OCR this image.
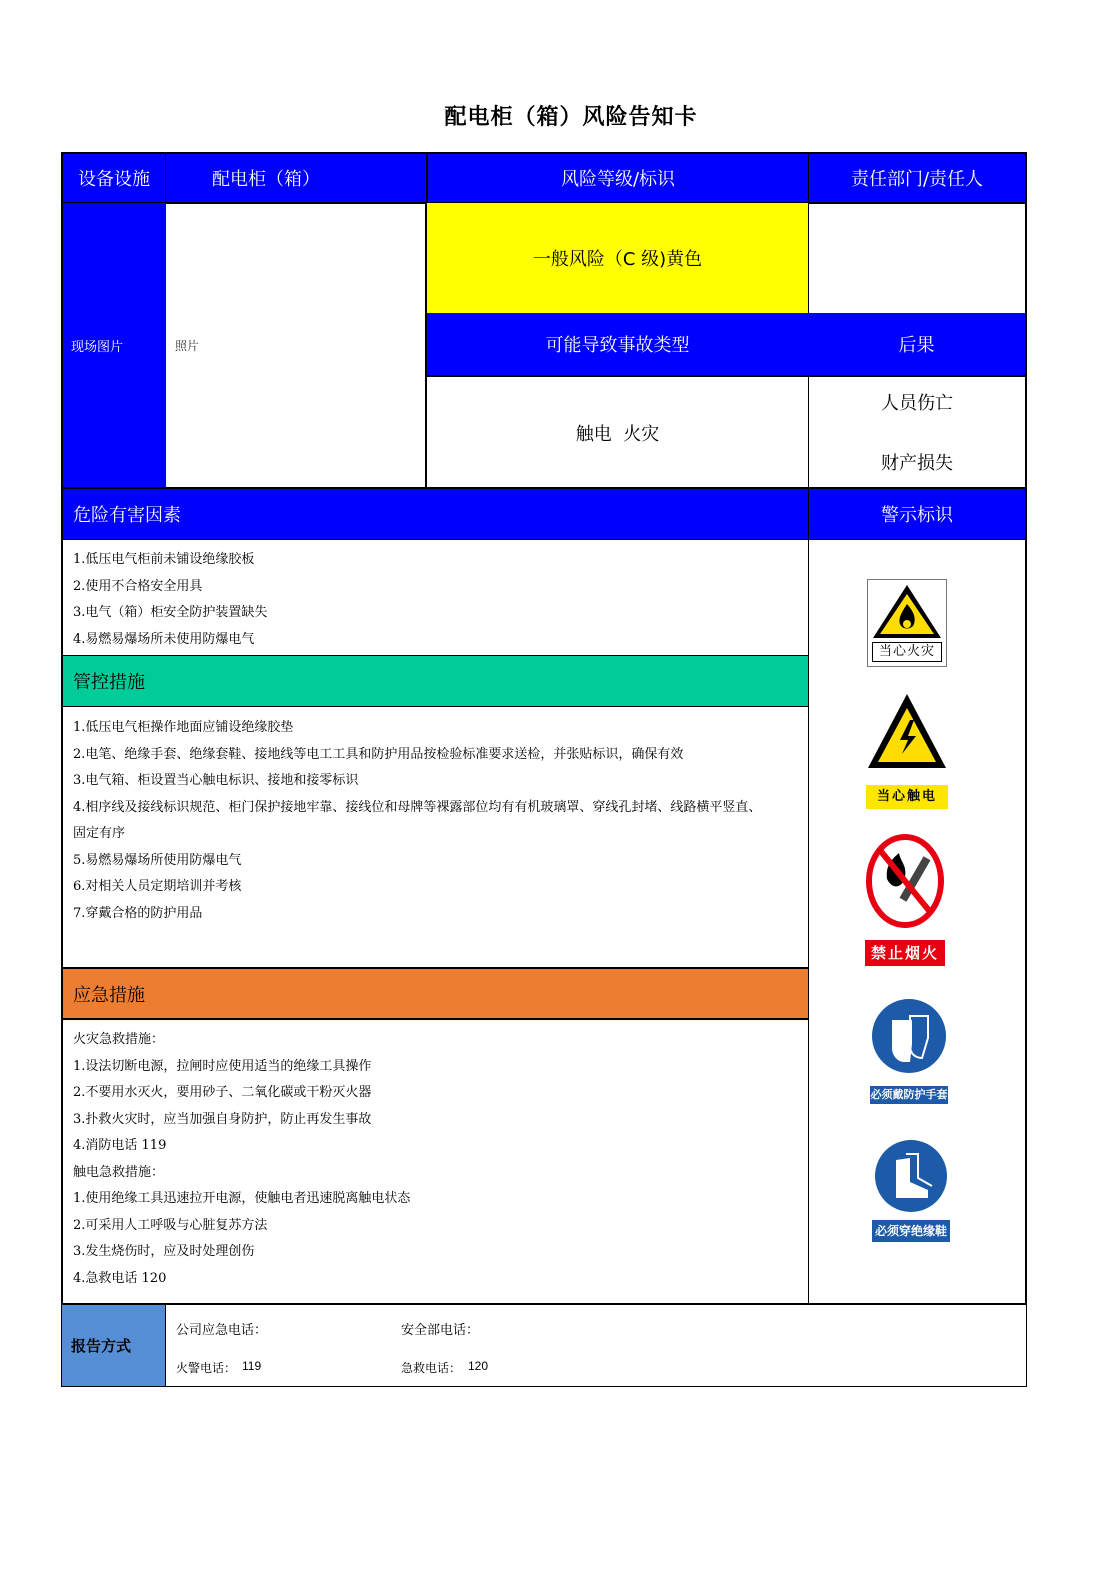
配电柜（箱）风险告知卡
设备设施	配电柜（箱）	风险等级/标识	责任部门/责任人
现场图片	照片
一般风险（C 级)黄色
可能导致事故类型	后果
触电  火灾
人员伤亡
财产损失
危险有害因素	警示标识
1.低压电气柜前未铺设绝缘胶板
2.使用不合格安全用具
3.电气（箱）柜安全防护装置缺失
4.易燃易爆场所未使用防爆电气
管控措施
1.低压电气柜操作地面应铺设绝缘胶垫
2.电笔、绝缘手套、绝缘套鞋、接地线等电工工具和防护用品按检验标准要求送检，并张贴标识，确保有效
3.电气箱、柜设置当心触电标识、接地和接零标识
4.相序线及接线标识规范、柜门保护接地牢靠、接线位和母牌等裸露部位均有有机玻璃罩、穿线孔封堵、线路横平竖直、
固定有序
5.易燃易爆场所使用防爆电气
6.对相关人员定期培训并考核
7.穿戴合格的防护用品
应急措施
火灾急救措施：
1.设法切断电源，拉闸时应使用适当的绝缘工具操作
2.不要用水灭火，要用砂子、二氧化碳或干粉灭火器
3.扑救火灾时，应当加强自身防护，防止再发生事故
4.消防电话 119
触电急救措施：
1.使用绝缘工具迅速拉开电源，使触电者迅速脱离触电状态
2.可采用人工呼吸与心脏复苏方法
3.发生烧伤时，应及时处理创伤
4.急救电话 120
当心火灾
当心触电
禁止烟火
必须戴防护手套
必须穿绝缘鞋
报告方式
公司应急电话：	安全部电话：
火警电话： 119	急救电话： 120
